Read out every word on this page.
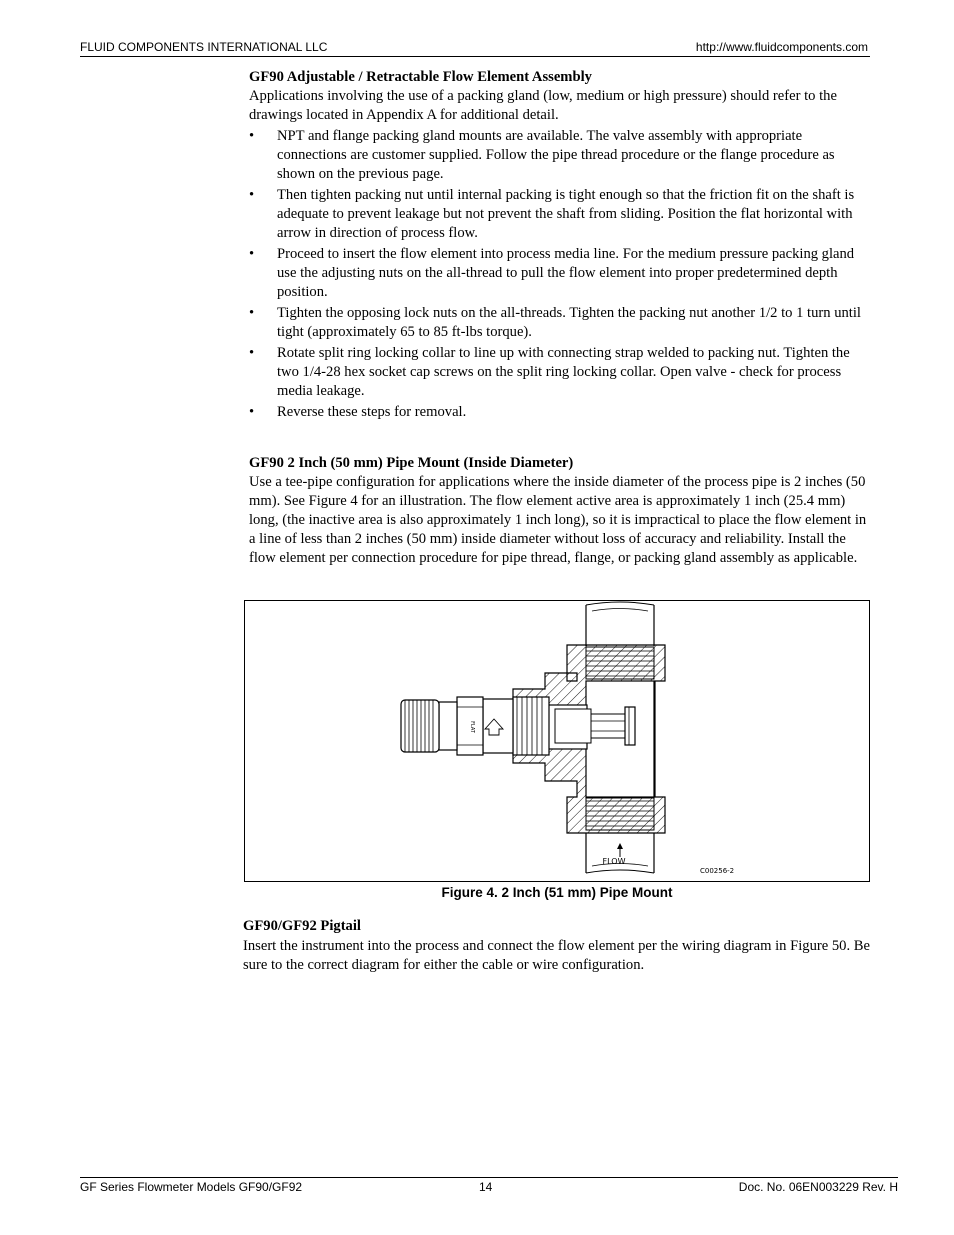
FLUID COMPONENTS INTERNATIONAL LLC	http://www.fluidcomponents.com

GF90 Adjustable / Retractable Flow Element Assembly

Applications involving the use of a packing gland (low, medium or high pressure) should refer to the drawings located in Appendix A for additional detail.

• NPT and flange packing gland mounts are available. The valve assembly with appropriate connections are customer supplied. Follow the pipe thread procedure or the flange procedure as shown on the previous page.
• Then tighten packing nut until internal packing is tight enough so that the friction fit on the shaft is adequate to prevent leakage but not prevent the shaft from sliding. Position the flat horizontal with arrow in direction of process flow.
• Proceed to insert the flow element into process media line. For the medium pressure packing gland use the adjusting nuts on the all-thread to pull the flow element into proper predetermined depth position.
• Tighten the opposing lock nuts on the all-threads. Tighten the packing nut another 1/2 to 1 turn until tight (approximately 65 to 85 ft-lbs torque).
• Rotate split ring locking collar to line up with connecting strap welded to packing nut. Tighten the two 1/4-28 hex socket cap screws on the split ring locking collar. Open valve - check for process media leakage.
• Reverse these steps for removal.

GF90 2 Inch (50 mm) Pipe Mount (Inside Diameter)

Use a tee-pipe configuration for applications where the inside diameter of the process pipe is 2 inches (50 mm). See Figure 4 for an illustration. The flow element active area is approximately 1 inch (25.4 mm) long, (the inactive area is also approximately 1 inch long), so it is impractical to place the flow element in a line of less than 2 inches (50 mm) inside diameter without loss of accuracy and reliability. Install the flow element per connection procedure for pipe thread, flange, or packing gland assembly as applicable.

FLAT
FLOW
C00256-2
Figure 4. 2 Inch (51 mm) Pipe Mount

GF90/GF92 Pigtail

Insert the instrument into the process and connect the flow element per the wiring diagram in Figure 50. Be sure to the correct diagram for either the cable or wire configuration.

GF Series Flowmeter Models GF90/GF92	14	Doc. No. 06EN003229 Rev. H
